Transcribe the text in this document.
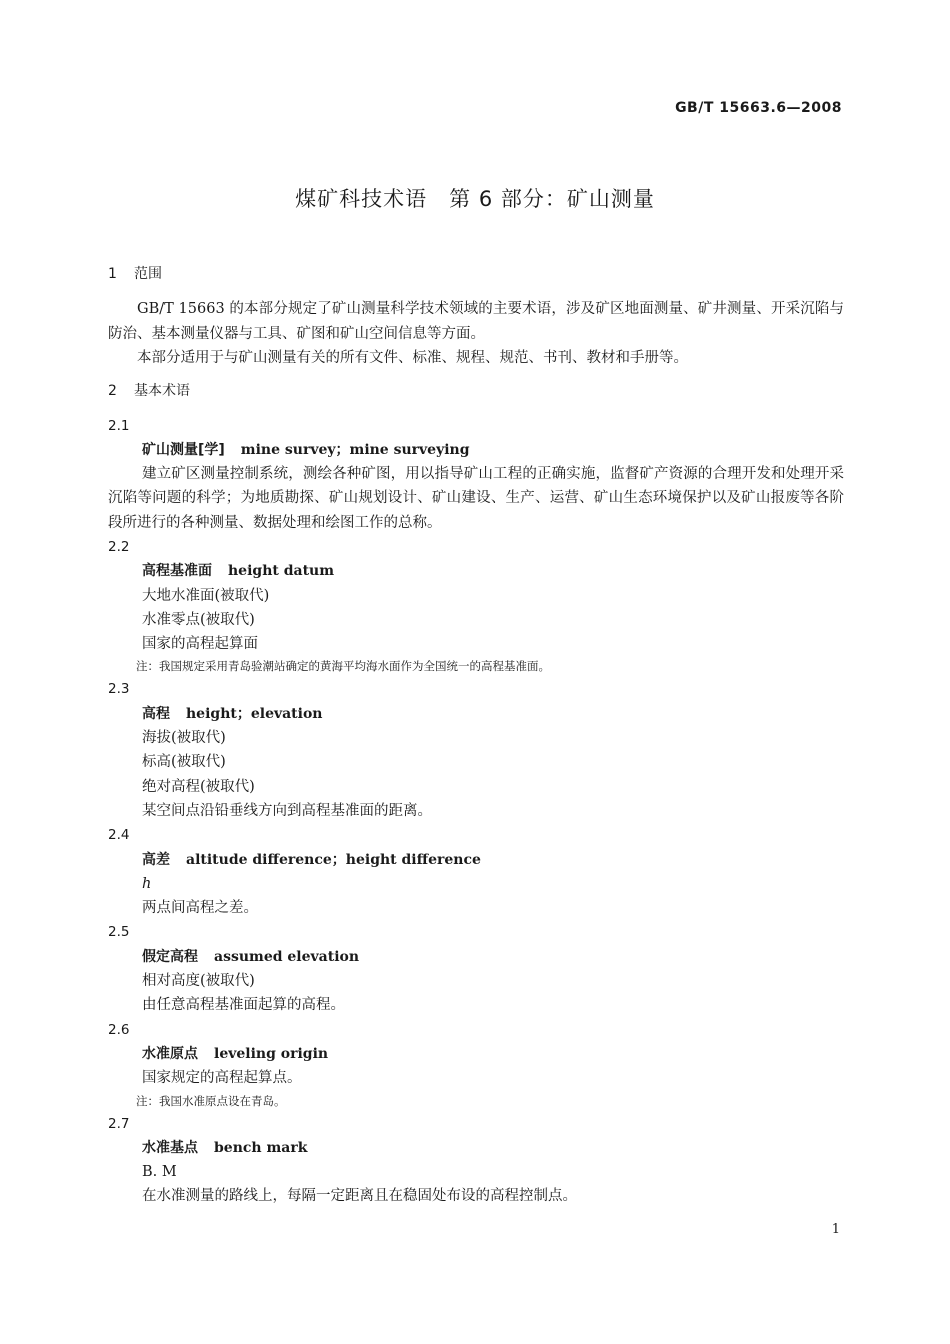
GB/T 15663.6—2008
煤矿科技术语　第 6 部分：矿山测量
1 范围

GB/T 15663 的本部分规定了矿山测量科学技术领域的主要术语，涉及矿区地面测量、矿井测量、开采沉陷与防治、基本测量仪器与工具、矿图和矿山空间信息等方面。

本部分适用于与矿山测量有关的所有文件、标准、规程、规范、书刊、教材和手册等。

2 基本术语
2.1
矿山测量[学] mine survey；mine surveying

建立矿区测量控制系统，测绘各种矿图，用以指导矿山工程的正确实施，监督矿产资源的合理开发和处理开采沉陷等问题的科学；为地质勘探、矿山规划设计、矿山建设、生产、运营、矿山生态环境保护以及矿山报废等各阶段所进行的各种测量、数据处理和绘图工作的总称。

2.2
高程基准面 height datum
大地水准面(被取代)
水准零点(被取代)
国家的高程起算面
注：我国规定采用青岛验潮站确定的黄海平均海水面作为全国统一的高程基准面。
2.3
高程 height；elevation
海拔(被取代)
标高(被取代)
绝对高程(被取代)
某空间点沿铅垂线方向到高程基准面的距离。
2.4
高差 altitude difference；height difference
h
两点间高程之差。
2.5
假定高程 assumed elevation
相对高度(被取代)
由任意高程基准面起算的高程。
2.6
水准原点 leveling origin
国家规定的高程起算点。
注：我国水准原点设在青岛。
2.7
水准基点 bench mark
B. M
在水准测量的路线上，每隔一定距离且在稳固处布设的高程控制点。
1
